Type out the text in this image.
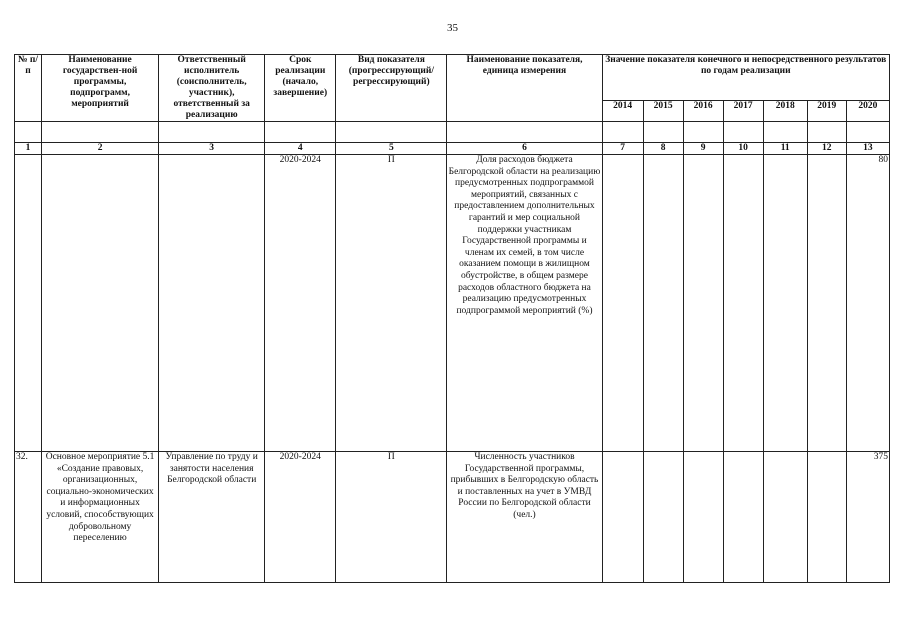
35
№ п/п	Наименование государствен-ной программы, подпрограмм, мероприятий	Ответственный исполнитель (соисполнитель, участник), ответственный за реализацию	Срок реализации (начало, завершение)	Вид показателя (прогрессирующий/ регрессирующий)	Наименование показателя, единица измерения	Значение показателя конечного и непосредственного результатов по годам реализации						
						2014	2015	2016	2017	2018	2019	2020

1	2	3	4	5	6	7	8	9	10	11	12	13
			2020-2024	П	Доля расходов бюджета Белгородской области на реализацию предусмотренных подпрограммой мероприятий, связанных с предоставлением дополнительных гарантий и мер социальной поддержки участникам Государственной программы и членам их семей, в том числе оказанием помощи в жилищном обустройстве, в общем размере расходов областного бюджета на реализацию предусмотренных подпрограммой мероприятий (%)							80
32.	Основное мероприятие 5.1 «Создание правовых, организационных, социально-экономических и информационных условий, способствующих добровольному переселению	Управление по труду и занятости населения Белгородской области	2020-2024	П	Численность участников Государственной программы, прибывших в Белгородскую область и поставленных на учет в УМВД России по Белгородской области (чел.)							375
